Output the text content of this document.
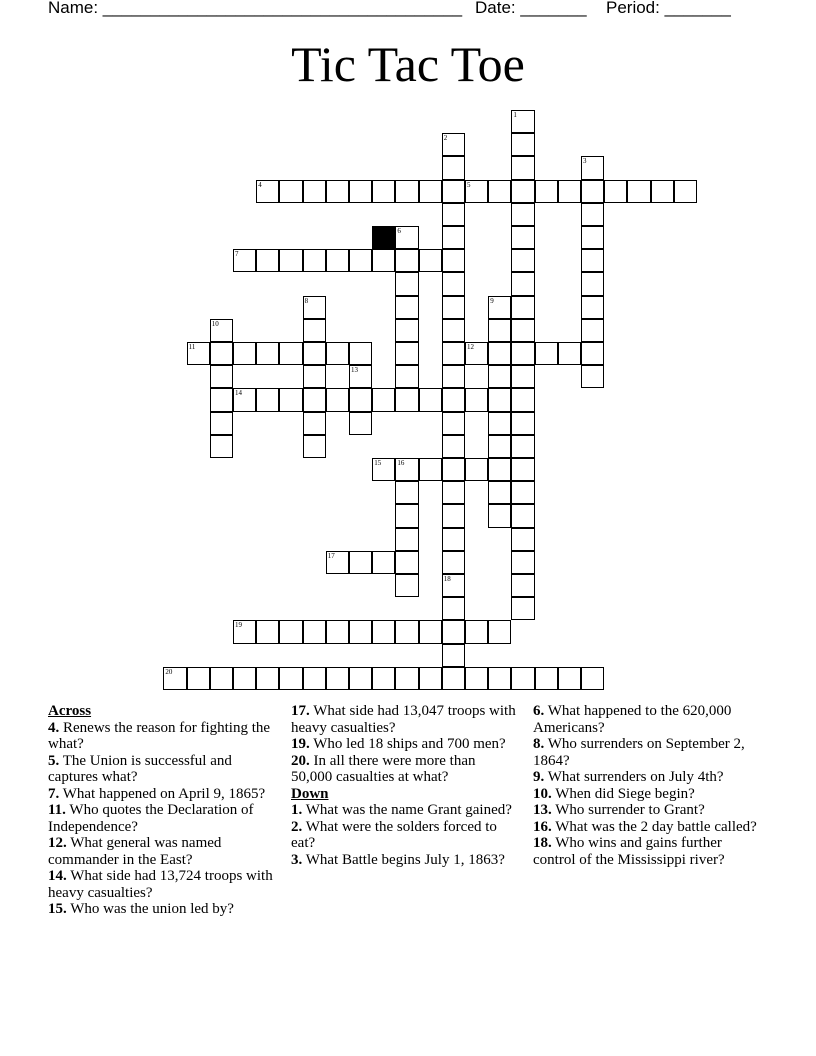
Name: ______________________________________ Date: _______ Period: _______
Tic Tac Toe
1
2
3
4	5
6
7
8	9
10
11	12
13
14
15 16
17
18
19
20
Across

4. Renews the reason for fighting the what?

5. The Union is successful and captures what?

7. What happened on April 9, 1865?

11. Who quotes the Declaration of Independence?

12. What general was named commander in the East?

14. What side had 13,724 troops with heavy casualties?

15. Who was the union led by?

17. What side had 13,047 troops with heavy casualties?

19. Who led 18 ships and 700 men?

20. In all there were more than 50,000 casualties at what?

Down

1. What was the name Grant gained?

2. What were the solders forced to eat?

3. What Battle begins July 1, 1863?

6. What happened to the 620,000 Americans?

8. Who surrenders on September 2, 1864?

9. What surrenders on July 4th?

10. When did Siege begin?

13. Who surrender to Grant?

16. What was the 2 day battle called?

18. Who wins and gains further control of the Mississippi river?
